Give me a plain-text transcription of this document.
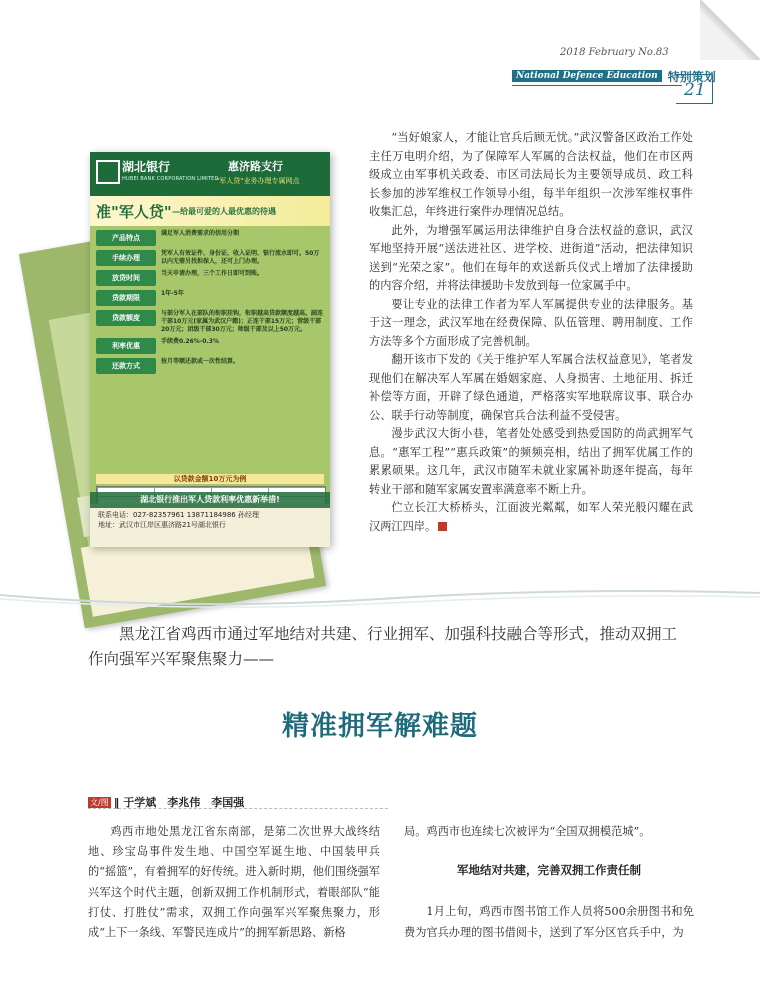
2018 February No.83
National Defence Education 特别策划
21
湖北银行
HUBEI BANK CORPORATION LIMITED
惠济路支行
"军人贷"业务办理专属网点
准"军人贷" —给最可爱的人最优惠的待遇
产品特点
满足军人消费需求的信用分期
手续办理
凭军人有效证件、身份证、收入证明、银行流水即可。50万以内无需另找担保人，还可上门办理。
放贷时间
当天申请办理，三个工作日即可到账。
贷款期限
1年-5年
贷款额度
与部分军人在部队的衔职挂钩，衔职越高贷款额度越高。副连干部10万元(家属为武汉户籍)；正连干部15万元；营级干部20万元；团级干部30万元；师级干部及以上50万元。
利率优惠
手续费0.26%-0.3%
还款方式
按月等额还款或一次性结算。
以贷款金额10万元为例
湖北银行推出军人贷款利率优惠新举措!
联系电话：027-82357961 13871184986 孙经理
地址：武汉市江岸区惠济路21号湖北银行

“当好娘家人，才能让官兵后顾无忧。”武汉警备区政治工作处主任万电明介绍，为了保障军人军属的合法权益，他们在市区两级成立由军事机关政委、市区司法局长为主要领导成员、政工科长参加的涉军维权工作领导小组，每半年组织一次涉军维权事件收集汇总，年终进行案件办理情况总结。

此外，为增强军属运用法律维护自身合法权益的意识，武汉军地坚持开展“送法进社区、进学校、进街道”活动，把法律知识送到“光荣之家”。他们在每年的欢送新兵仪式上增加了法律援助的内容介绍，并将法律援助卡发放到每一位家属手中。

要让专业的法律工作者为军人军属提供专业的法律服务。基于这一理念，武汉军地在经费保障、队伍管理、聘用制度、工作方法等多个方面形成了完善机制。

翻开该市下发的《关于维护军人军属合法权益意见》，笔者发现他们在解决军人军属在婚姻家庭、人身损害、土地征用、拆迁补偿等方面，开辟了绿色通道，严格落实军地联席议事、联合办公、联手行动等制度，确保官兵合法利益不受侵害。

漫步武汉大街小巷，笔者处处感受到热爱国防的尚武拥军气息。“惠军工程”“惠兵政策”的频频亮相，结出了拥军优属工作的累累硕果。这几年，武汉市随军未就业家属补助逐年提高，每年转业干部和随军家属安置率满意率不断上升。

伫立长江大桥桥头，江面波光粼粼，如军人荣光般闪耀在武汉两江四岸。	G

黑龙江省鸡西市通过军地结对共建、行业拥军、加强科技融合等形式，推动双拥工作向强军兴军聚焦聚力——
精准拥军解难题
文/图 ‖ 于学斌　李兆伟　李国强

鸡西市地处黑龙江省东南部，是第二次世界大战终结地、珍宝岛事件发生地、中国空军诞生地、中国装甲兵的“摇篮”，有着拥军的好传统。进入新时期，他们围绕强军兴军这个时代主题，创新双拥工作机制形式，着眼部队“能打仗、打胜仗”需求，双拥工作向强军兴军聚焦聚力，形成“上下一条线、军警民连成片”的拥军新思路、新格

局。鸡西市也连续七次被评为“全国双拥模范城”。

军地结对共建，完善双拥工作责任制

1月上旬，鸡西市图书馆工作人员将500余册图书和免费为官兵办理的图书借阅卡，送到了军分区官兵手中，为
